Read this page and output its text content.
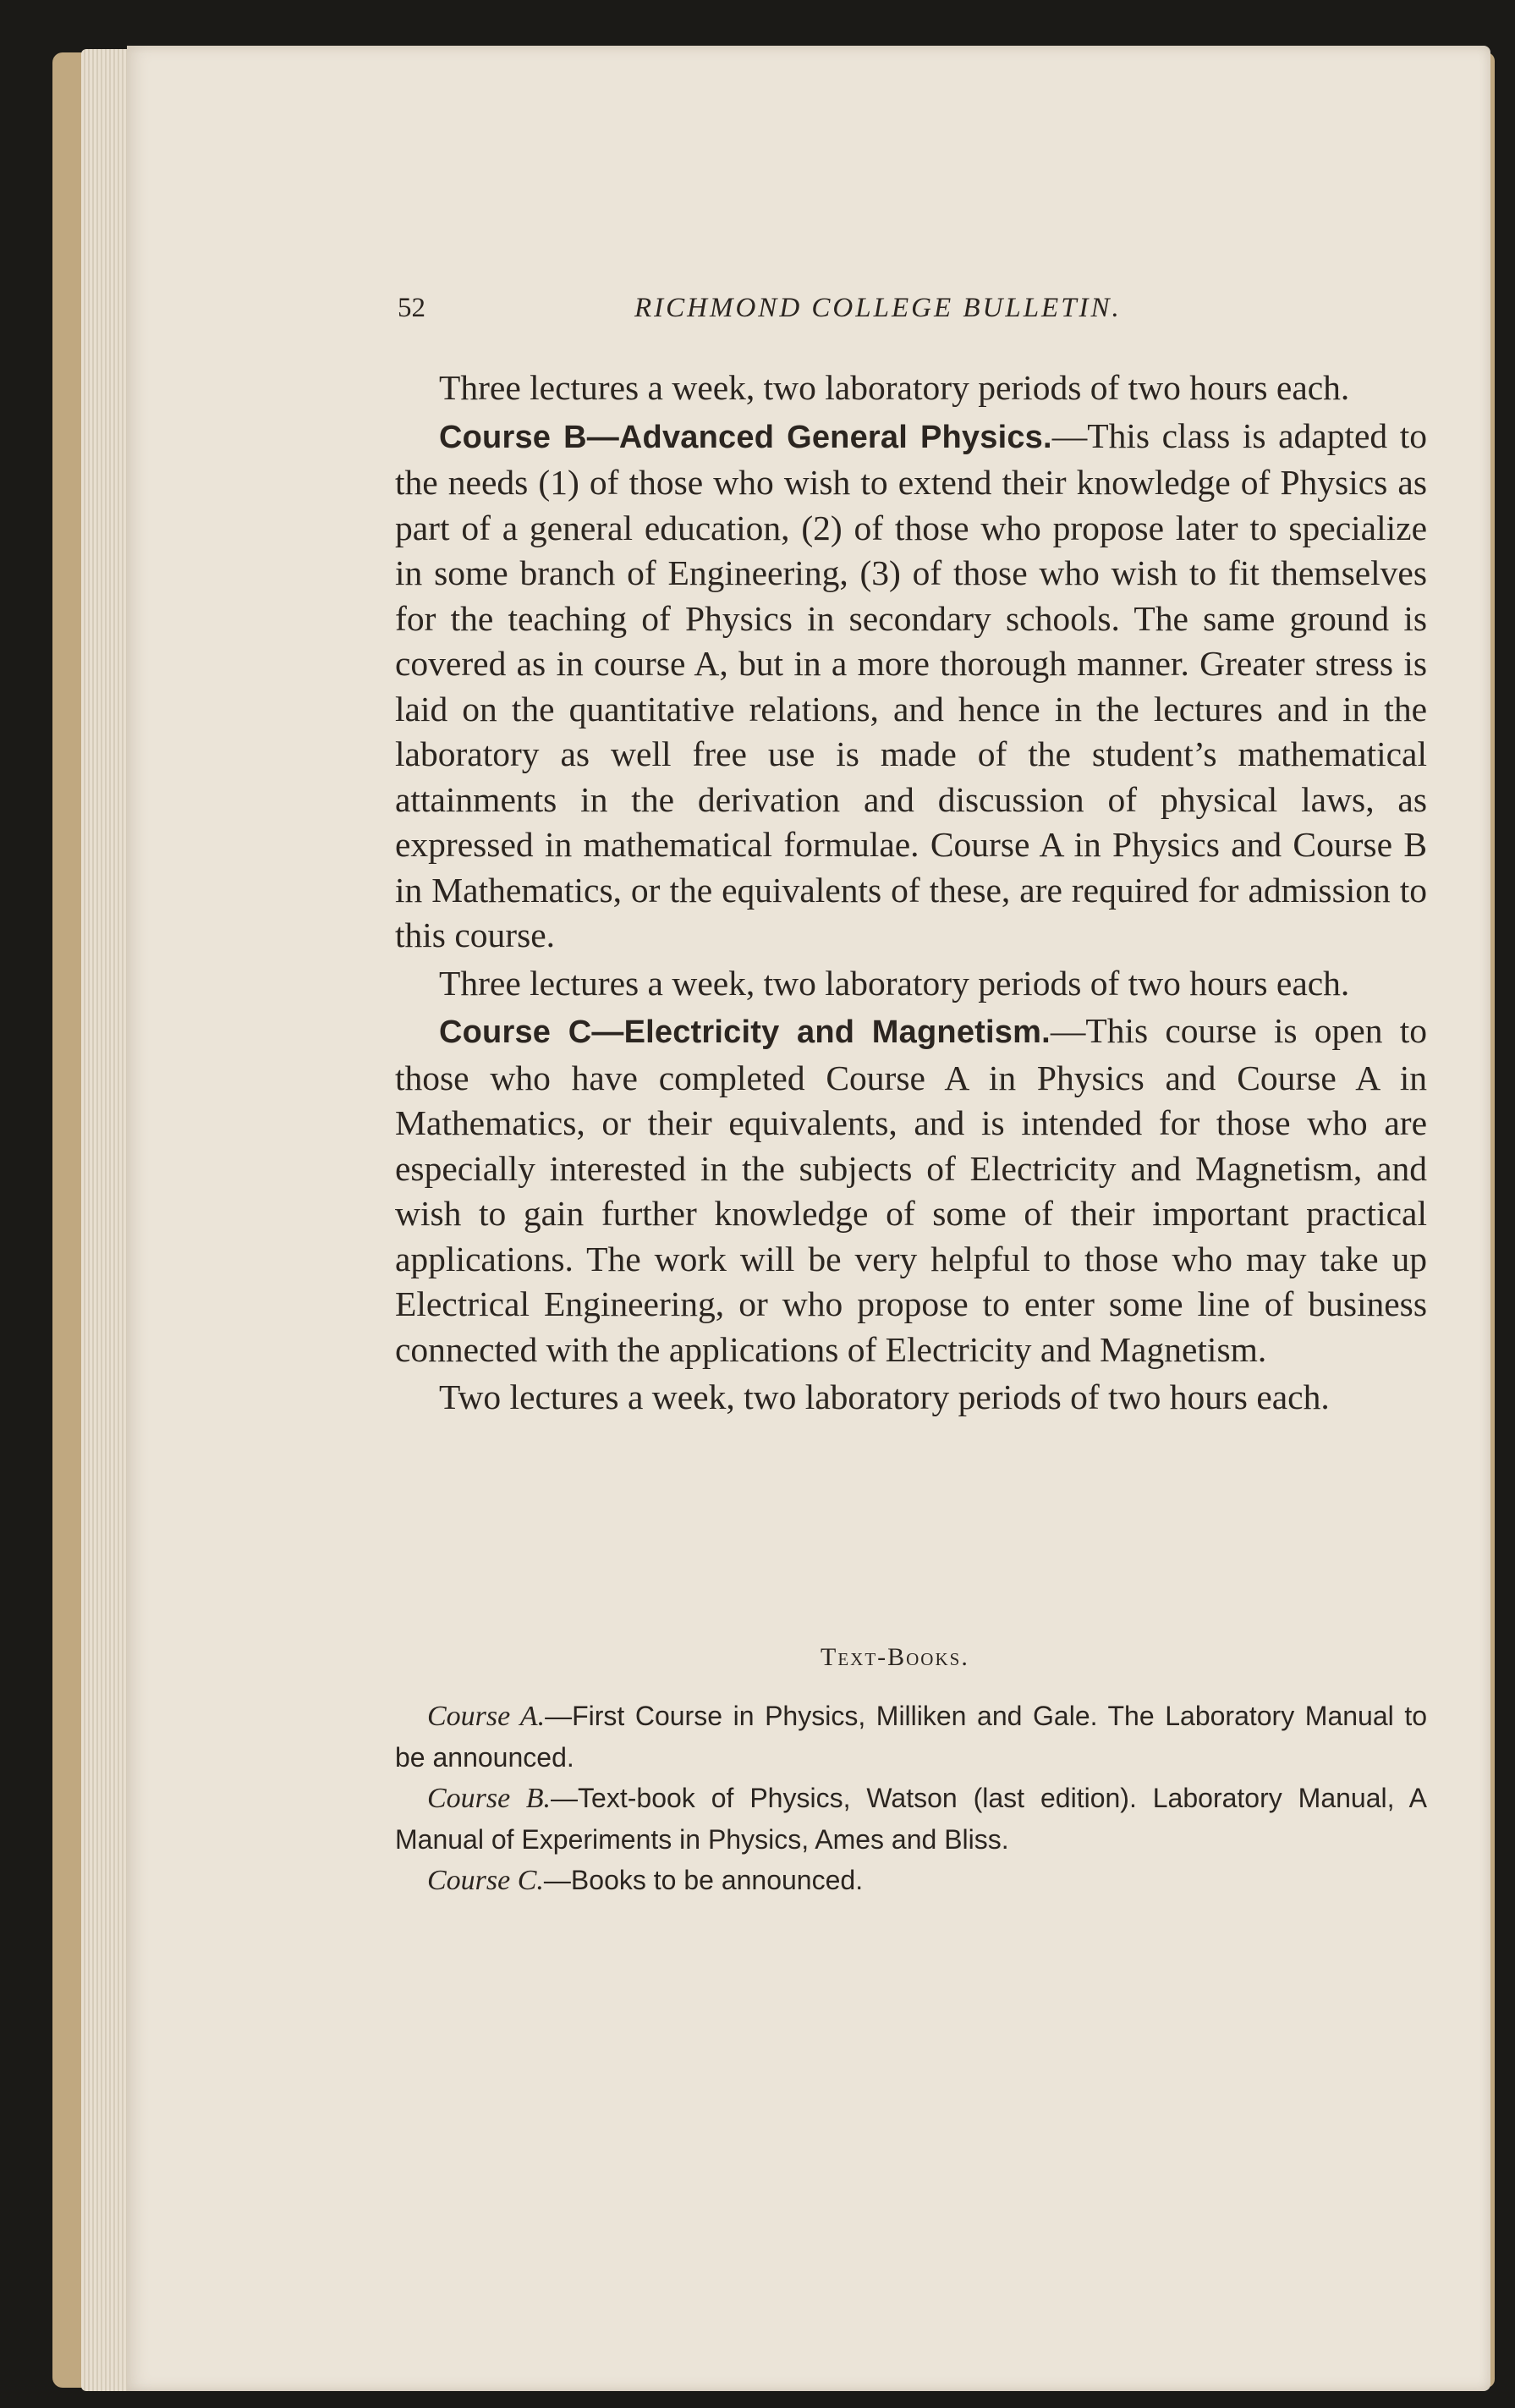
52	RICHMOND COLLEGE BULLETIN.

Three lectures a week, two laboratory periods of two hours each.

Course B—Advanced General Physics.—This class is adapted to the needs (1) of those who wish to extend their knowledge of Physics as part of a general education, (2) of those who propose later to specialize in some branch of Engineering, (3) of those who wish to fit themselves for the teaching of Physics in secondary schools. The same ground is covered as in course A, but in a more thorough manner. Greater stress is laid on the quantitative relations, and hence in the lectures and in the laboratory as well free use is made of the student’s mathematical attainments in the derivation and discussion of physical laws, as expressed in mathematical formulae. Course A in Physics and Course B in Mathematics, or the equivalents of these, are required for admission to this course.

Three lectures a week, two laboratory periods of two hours each.

Course C—Electricity and Magnetism.—This course is open to those who have completed Course A in Physics and Course A in Mathematics, or their equivalents, and is intended for those who are especially interested in the subjects of Electricity and Magnetism, and wish to gain further knowledge of some of their important practical applications. The work will be very helpful to those who may take up Electrical Engineering, or who propose to enter some line of business connected with the applications of Electricity and Magnetism.

Two lectures a week, two laboratory periods of two hours each.

Text-Books.

Course A.—First Course in Physics, Milliken and Gale. The Laboratory Manual to be announced.

Course B.—Text-book of Physics, Watson (last edition). Laboratory Manual, A Manual of Experiments in Physics, Ames and Bliss.

Course C.—Books to be announced.
